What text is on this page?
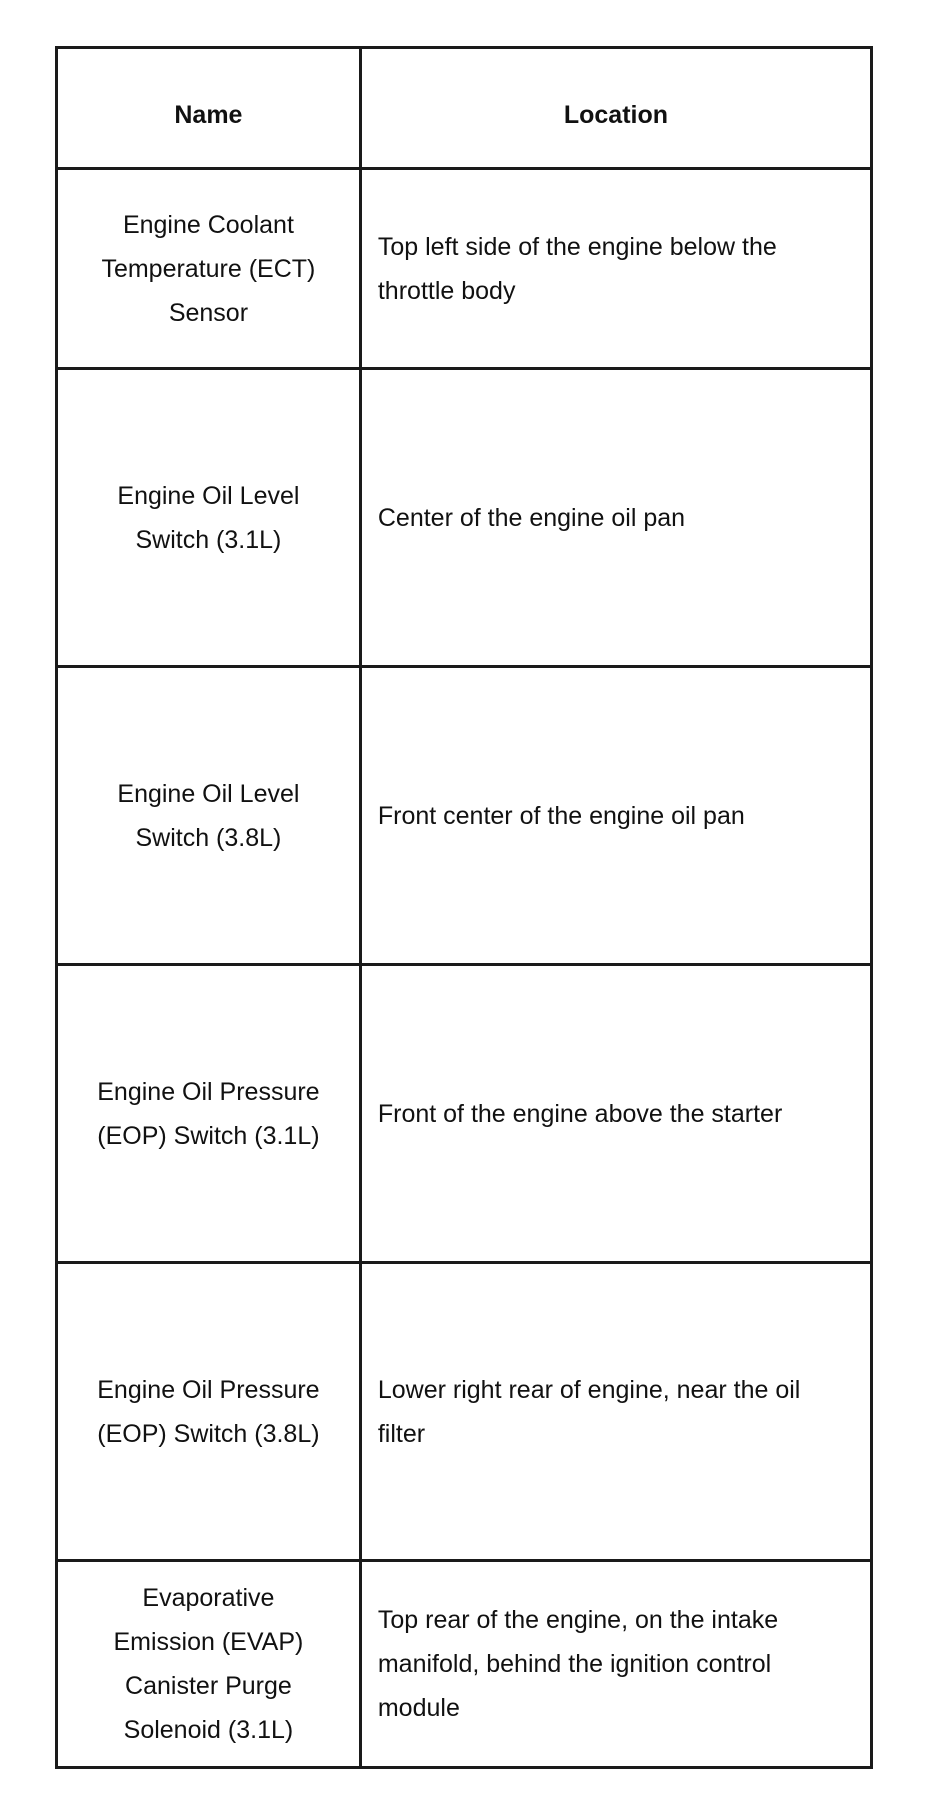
Name	Location

Engine Coolant Temperature (ECT) Sensor	Top left side of the engine below the throttle body

Engine Oil Level Switch (3.1L)	Center of the engine oil pan

Engine Oil Level Switch (3.8L)	Front center of the engine oil pan

Engine Oil Pressure (EOP) Switch (3.1L)	Front of the engine above the starter

Engine Oil Pressure (EOP) Switch (3.8L)	Lower right rear of engine, near the oil filter

Evaporative Emission (EVAP) Canister Purge Solenoid (3.1L)	Top rear of the engine, on the intake manifold, behind the ignition control module
